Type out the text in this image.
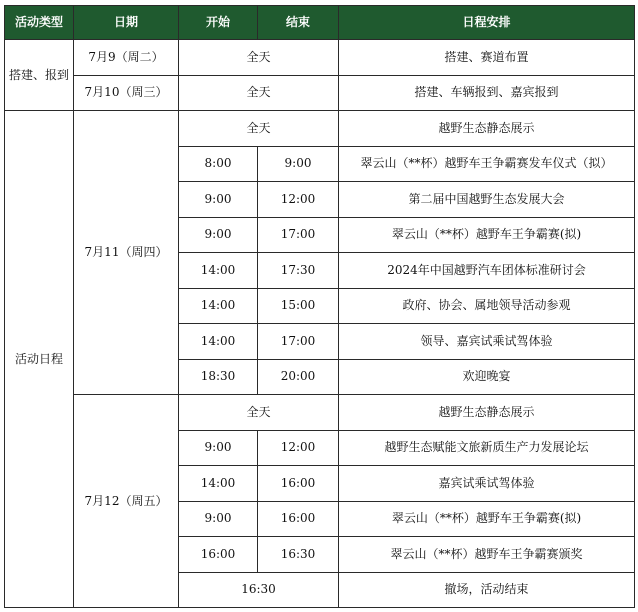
活动类型	日期	开始	结束	日程安排
搭建、报到	7月9（周二）	全天		搭建、赛道布置
	7月10（周三）	全天		搭建、车辆报到、嘉宾报到
活动日程	7月11（周四）	全天		越野生态静态展示
		8:00	9:00	翠云山（**杯）越野车王争霸赛发车仪式（拟）
		9:00	12:00	第二届中国越野生态发展大会
		9:00	17:00	翠云山（**杯）越野车王争霸赛(拟)
		14:00	17:30	2024年中国越野汽车团体标准研讨会
		14:00	15:00	政府、协会、属地领导活动参观
		14:00	17:00	领导、嘉宾试乘试驾体验
		18:30	20:00	欢迎晚宴
	7月12（周五）	全天		越野生态静态展示
		9:00	12:00	越野生态赋能文旅新质生产力发展论坛
		14:00	16:00	嘉宾试乘试驾体验
		9:00	16:00	翠云山（**杯）越野车王争霸赛(拟)
		16:00	16:30	翠云山（**杯）越野车王争霸赛颁奖
		16:30		撤场，活动结束
